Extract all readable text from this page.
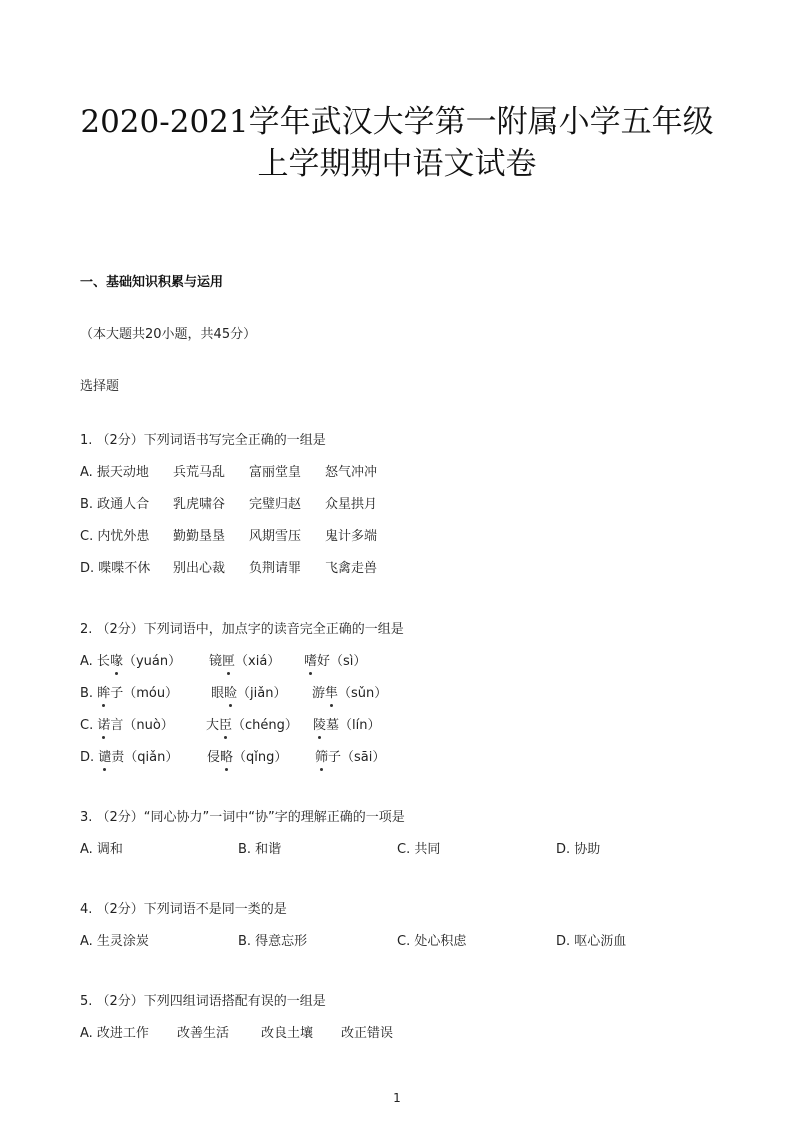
2020-2021学年武汉大学第一附属小学五年级
上学期期中语文试卷
一、基础知识积累与运用
（本大题共20小题，共45分）
选择题
1. （2分）下列词语书写完全正确的一组是
A. 振天动地 兵荒马乱 富丽堂皇 怒气冲冲
B. 政通人合 乳虎啸谷 完璧归赵 众星拱月
C. 内忧外患 勤勤垦垦 风期雪压 鬼计多端
D. 喋喋不休 别出心裁 负荆请罪 飞禽走兽
2. （2分）下列词语中，加点字的读音完全正确的一组是
A. 长喙（yuán） 镜匣（xiá） 嗜好（sì）
B. 眸子（móu）	眼睑（jiǎn） 游隼（sǔn）
C. 诺言（nuò） 大臣（chéng） 陵墓（lín）
D. 谴责（qiǎn） 侵略（qǐng） 筛子（sāi）
3. （2分）“同心协力”一词中“协”字的理解正确的一项是
A. 调和	B. 和谐	C. 共同	D. 协助
4. （2分）下列词语不是同一类的是
A. 生灵涂炭	B. 得意忘形	C. 处心积虑	D. 呕心沥血
5. （2分）下列四组词语搭配有误的一组是
A. 改进工作 改善生活 改良土壤 改正错误
1
